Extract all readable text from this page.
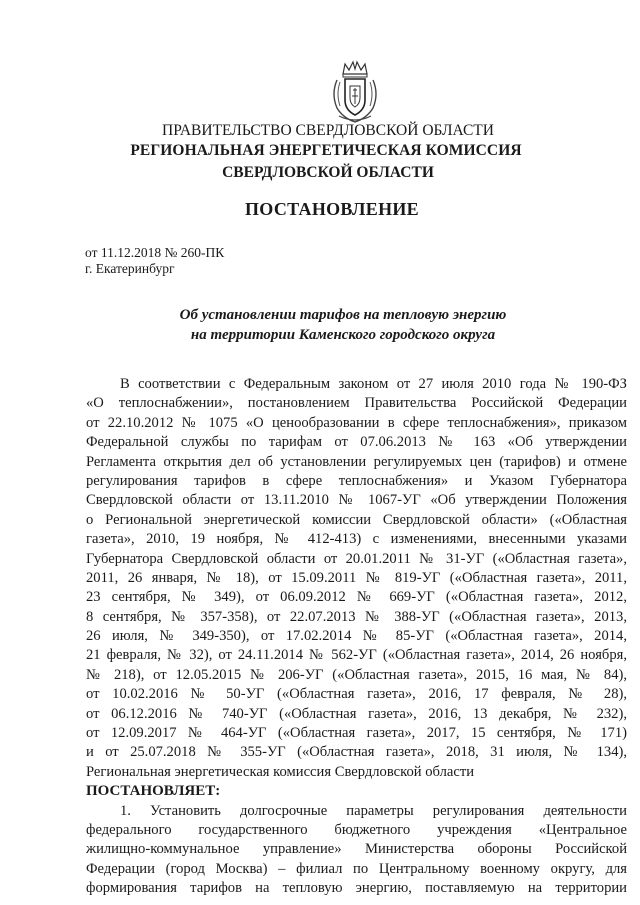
ПРАВИТЕЛЬСТВО СВЕРДЛОВСКОЙ ОБЛАСТИ
РЕГИОНАЛЬНАЯ ЭНЕРГЕТИЧЕСКАЯ КОМИССИЯ
СВЕРДЛОВСКОЙ ОБЛАСТИ
ПОСТАНОВЛЕНИЕ
от 11.12.2018 № 260-ПК
г. Екатеринбург
Об установлении тарифов на тепловую энергию
на территории Каменского городского округа
В соответствии с Федеральным законом от 27 июля 2010 года № 190-ФЗ
«О теплоснабжении», постановлением Правительства Российской Федерации
от 22.10.2012 № 1075 «О ценообразовании в сфере теплоснабжения», приказом
Федеральной службы по тарифам от 07.06.2013 № 163 «Об утверждении
Регламента открытия дел об установлении регулируемых цен (тарифов) и отмене
регулирования тарифов в сфере теплоснабжения» и Указом Губернатора
Свердловской области от 13.11.2010 № 1067-УГ «Об утверждении Положения
о Региональной энергетической комиссии Свердловской области» («Областная
газета», 2010, 19 ноября, № 412-413) с изменениями, внесенными указами
Губернатора Свердловской области от 20.01.2011 № 31-УГ («Областная газета»,
2011, 26 января, № 18), от 15.09.2011 № 819-УГ («Областная газета», 2011,
23 сентября, № 349), от 06.09.2012 № 669-УГ («Областная газета», 2012,
8 сентября, № 357-358), от 22.07.2013 № 388-УГ («Областная газета», 2013,
26 июля, № 349-350), от 17.02.2014 № 85-УГ («Областная газета», 2014,
21 февраля, № 32), от 24.11.2014 № 562-УГ («Областная газета», 2014, 26 ноября,
№ 218), от 12.05.2015 № 206-УГ («Областная газета», 2015, 16 мая, № 84),
от 10.02.2016 № 50-УГ («Областная газета», 2016, 17 февраля, № 28),
от 06.12.2016 № 740-УГ («Областная газета», 2016, 13 декабря, № 232),
от 12.09.2017 № 464-УГ («Областная газета», 2017, 15 сентября, № 171)
и от 25.07.2018 № 355-УГ («Областная газета», 2018, 31 июля, № 134),
Региональная энергетическая комиссия Свердловской области
ПОСТАНОВЛЯЕТ:
1. Установить долгосрочные параметры регулирования деятельности
федерального государственного бюджетного учреждения «Центральное
жилищно-коммунальное управление» Министерства обороны Российской
Федерации (город Москва) – филиал по Центральному военному округу, для
формирования тарифов на тепловую энергию, поставляемую на территории
